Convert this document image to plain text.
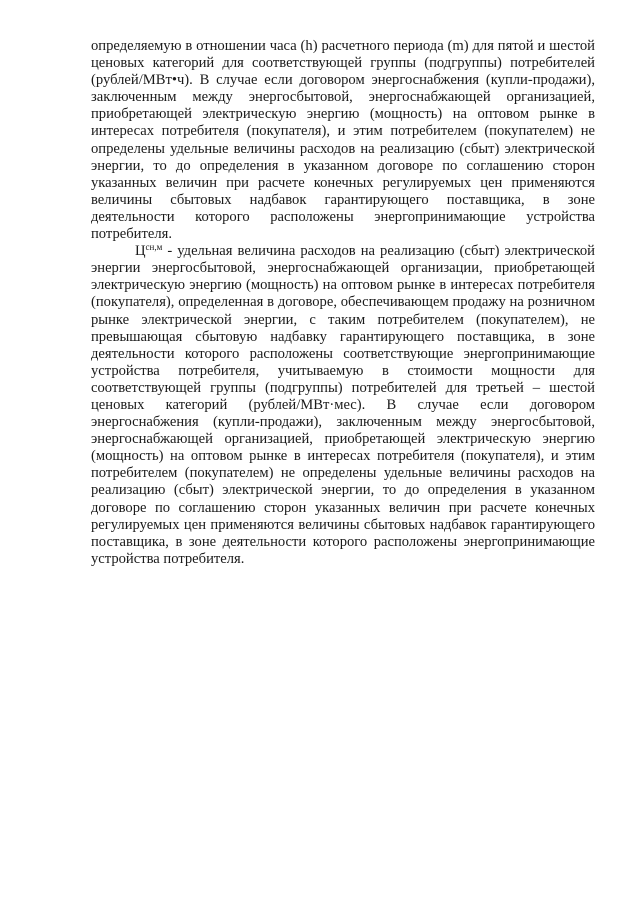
определяемую в отношении часа (h) расчетного периода (m) для пятой и шестой ценовых категорий для соответствующей группы (подгруппы) потребителей (рублей/МВт•ч). В случае если договором энергоснабжения (купли-продажи), заключенным между энергосбытовой, энергоснабжающей организацией, приобретающей электрическую энергию (мощность) на оптовом рынке в интересах потребителя (покупателя), и этим потребителем (покупателем) не определены удельные величины расходов на реализацию (сбыт) электрической энергии, то до определения в указанном договоре по соглашению сторон указанных величин при расчете конечных регулируемых цен применяются величины сбытовых надбавок гарантирующего поставщика, в зоне деятельности которого расположены энергопринимающие устройства потребителя.

$Ц^{сн,м}$ - удельная величина расходов на реализацию (сбыт) электрической энергии энергосбытовой, энергоснабжающей организации, приобретающей электрическую энергию (мощность) на оптовом рынке в интересах потребителя (покупателя), определенная в договоре, обеспечивающем продажу на розничном рынке электрической энергии, с таким потребителем (покупателем), не превышающая сбытовую надбавку гарантирующего поставщика, в зоне деятельности которого расположены соответствующие энергопринимающие устройства потребителя, учитываемую в стоимости мощности для соответствующей группы (подгруппы) потребителей для третьей – шестой ценовых категорий (рублей/МВт·мес). В случае если договором энергоснабжения (купли-продажи), заключенным между энергосбытовой, энергоснабжающей организацией, приобретающей электрическую энергию (мощность) на оптовом рынке в интересах потребителя (покупателя), и этим потребителем (покупателем) не определены удельные величины расходов на реализацию (сбыт) электрической энергии, то до определения в указанном договоре по соглашению сторон указанных величин при расчете конечных регулируемых цен применяются величины сбытовых надбавок гарантирующего поставщика, в зоне деятельности которого расположены энергопринимающие устройства потребителя.
